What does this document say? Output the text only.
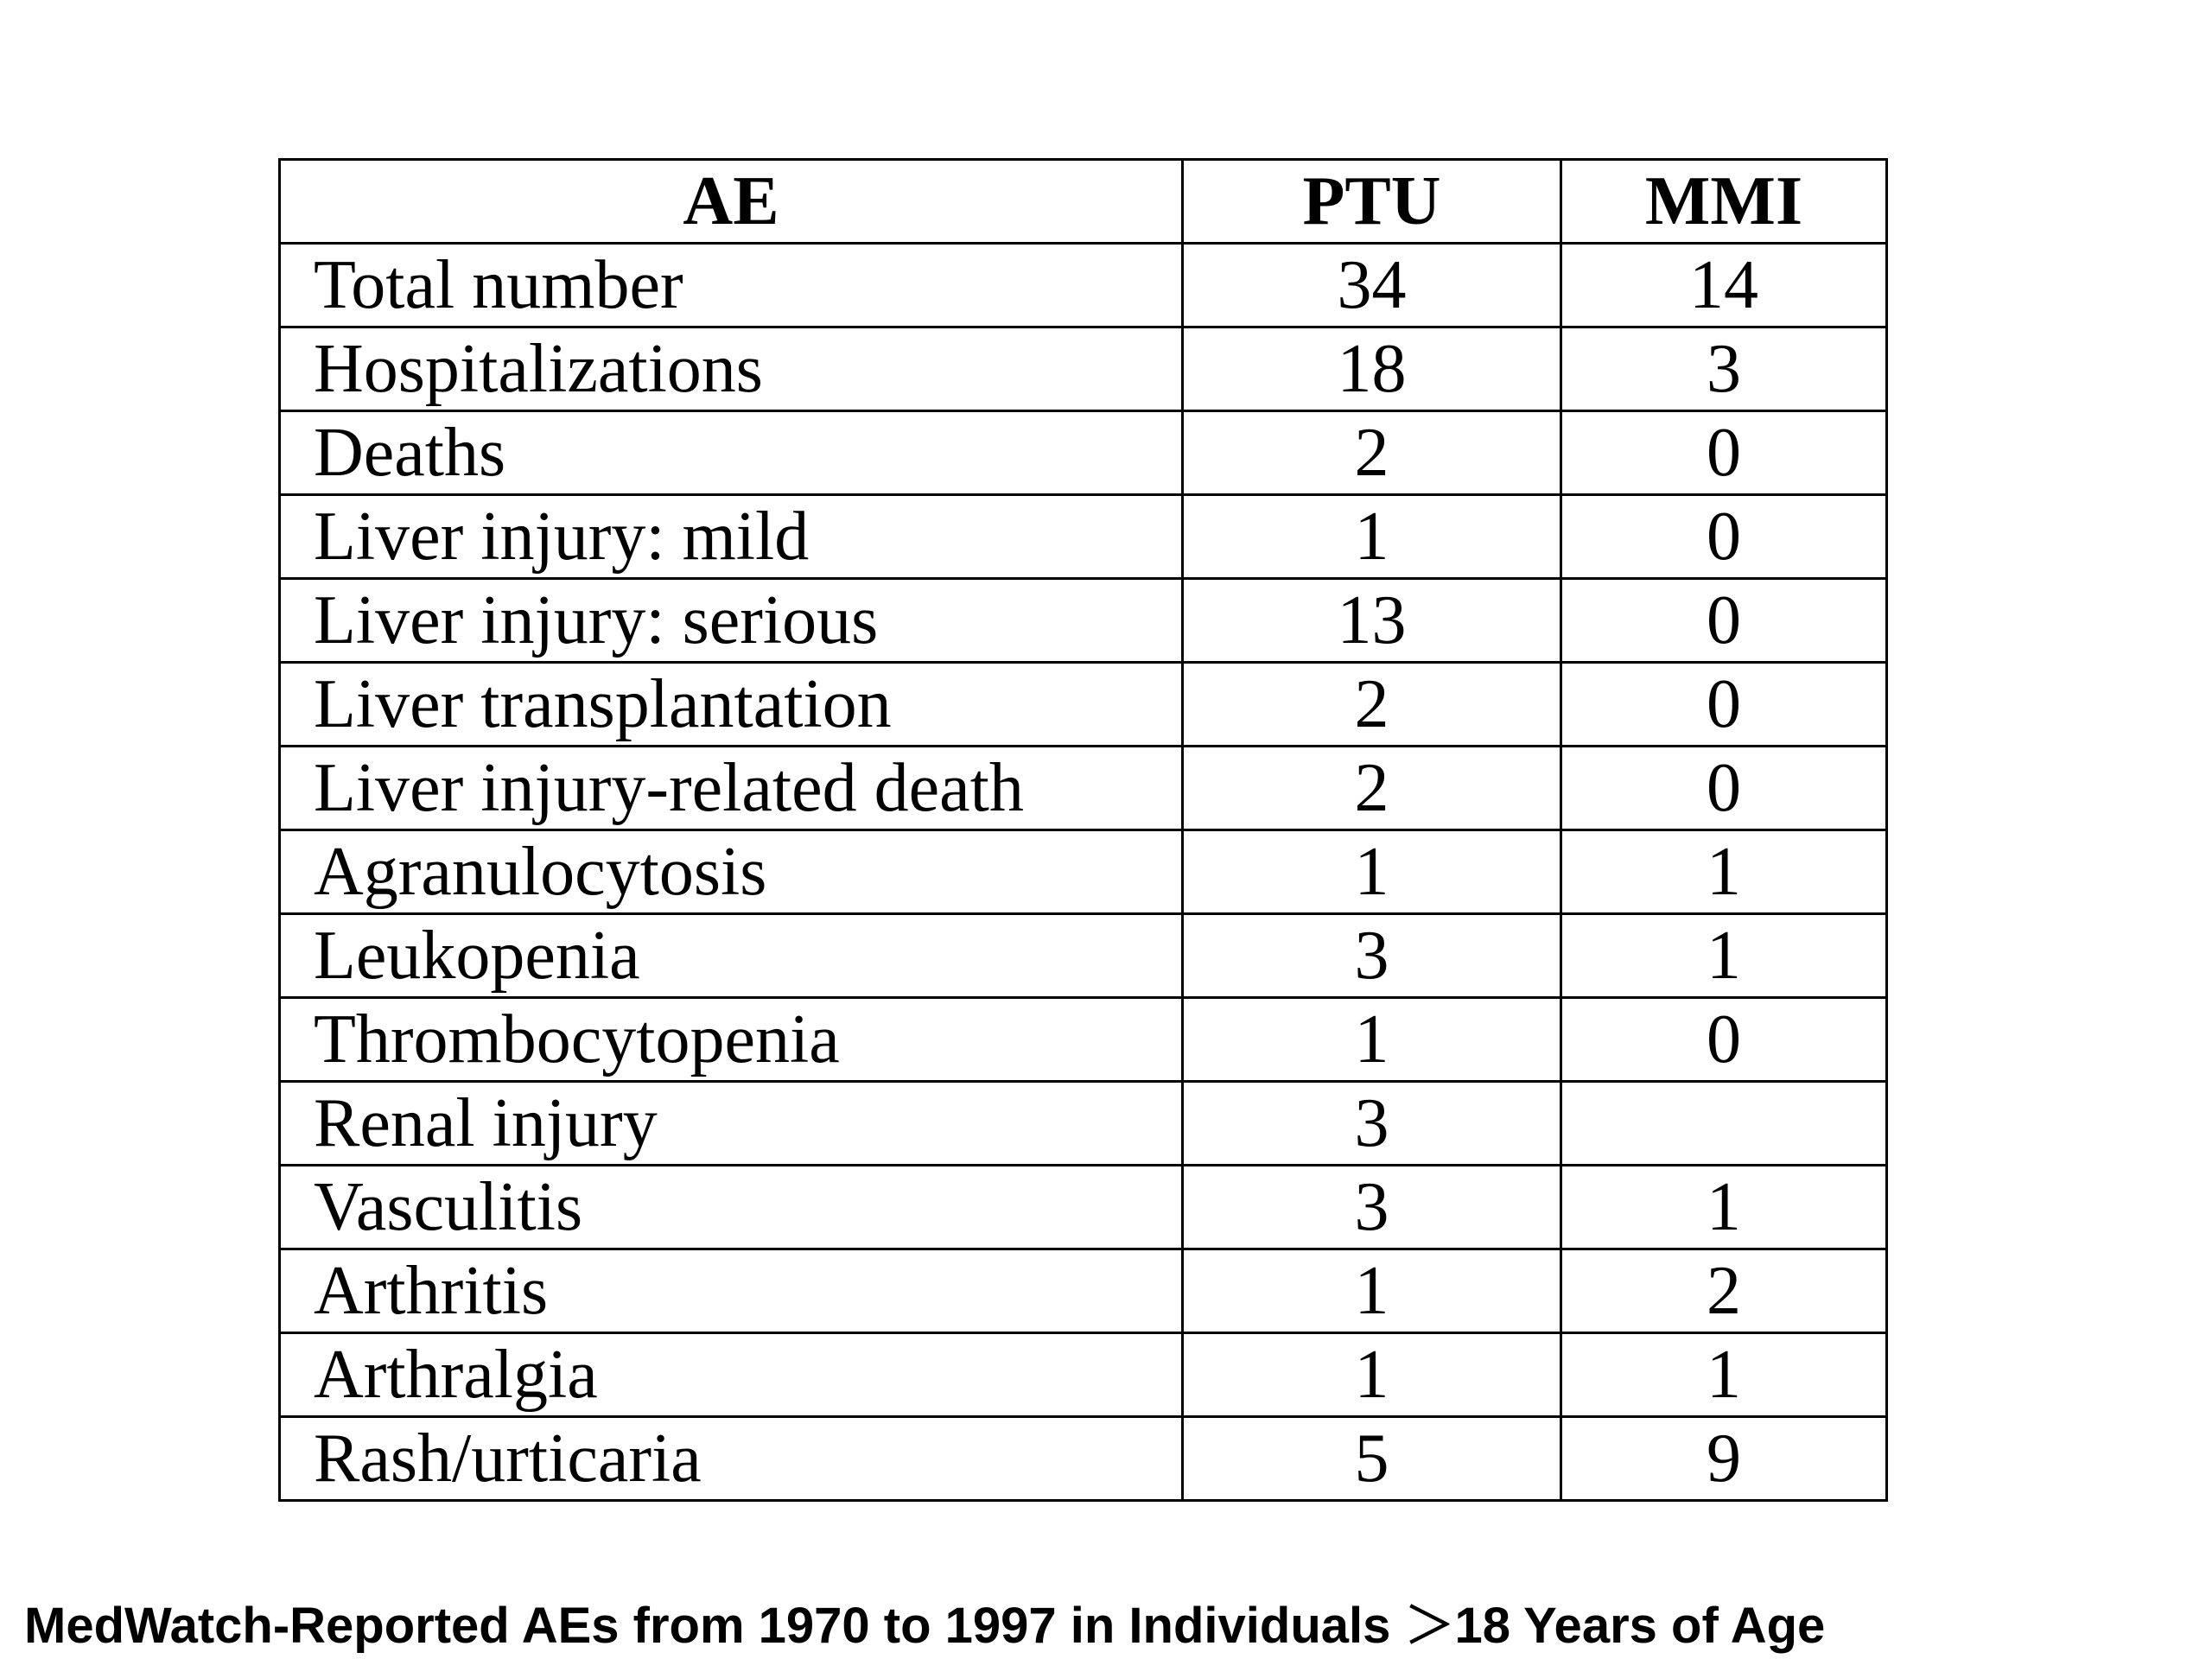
AE	PTU	MMI
Total number	34	14
Hospitalizations	18	3
Deaths	2	0
Liver injury: mild	1	0
Liver injury: serious	13	0
Liver transplantation	2	0
Liver injury-related death	2	0
Agranulocytosis	1	1
Leukopenia	3	1
Thrombocytopenia	1	0
Renal injury	3	
Vasculitis	3	1
Arthritis	1	2
Arthralgia	1	1
Rash/urticaria	5	9
MedWatch-Reported AEs from 1970 to 1997 in Individuals ＞18 Years of Age
